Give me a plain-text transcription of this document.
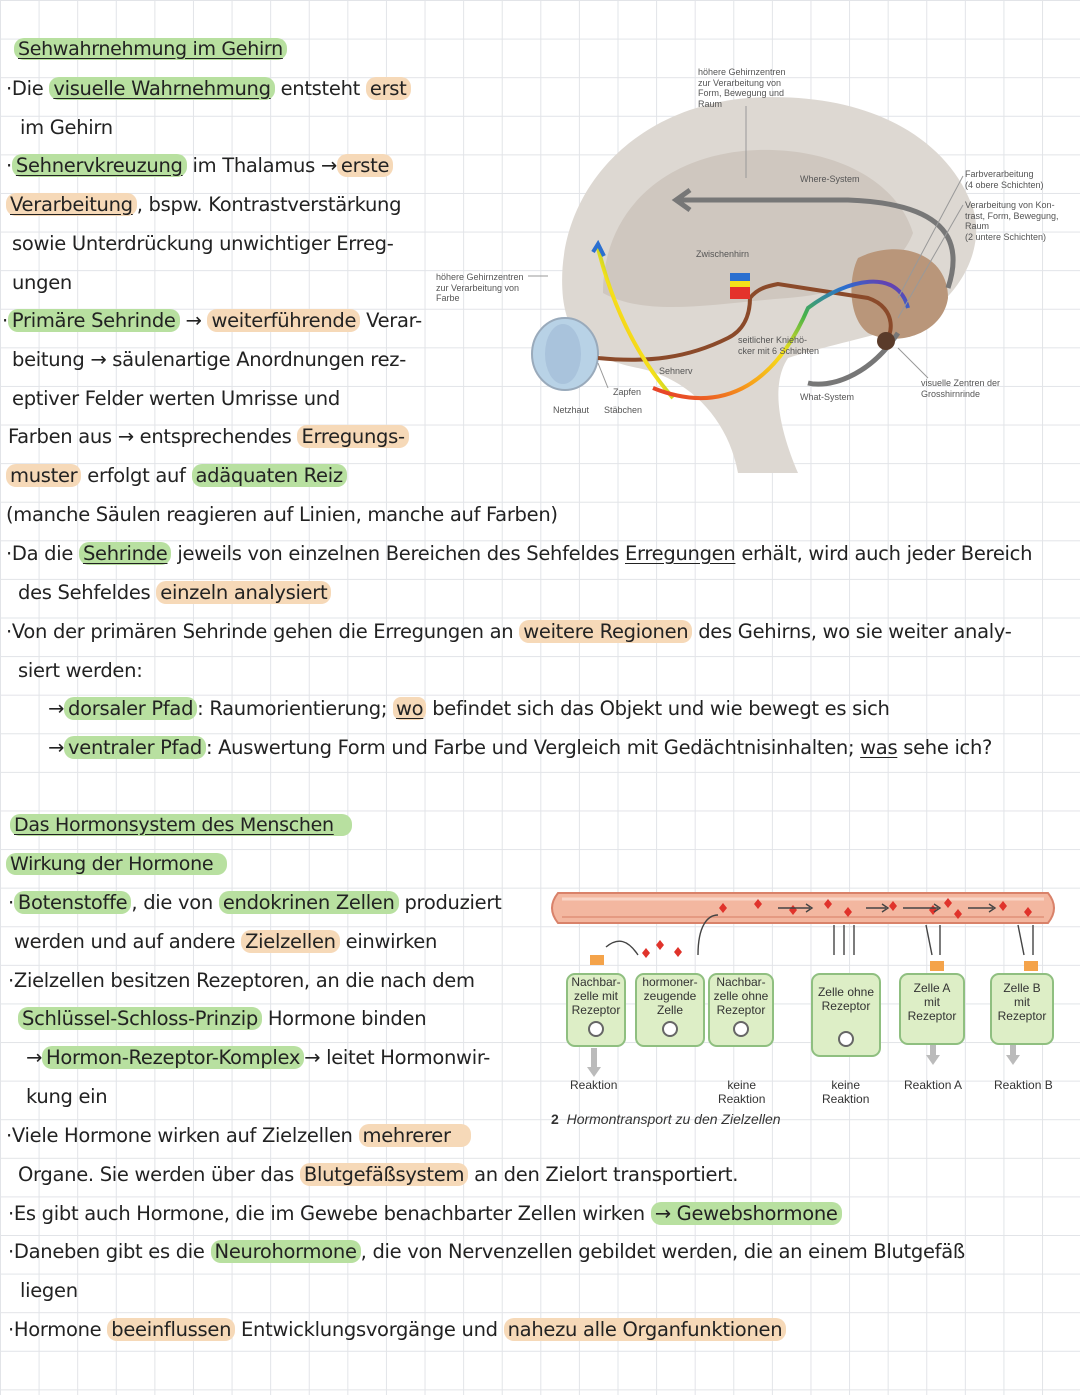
Sehwahrnehmung im Gehirn
·Die visuelle Wahrnehmung entsteht erst
im Gehirn
· Sehnervkreuzung im Thalamus → erste
Verarbeitung , bspw. Kontrastverstärkung
sowie Unterdrückung unwichtiger Erreg-
ungen
· Primäre Sehrinde → weiterführende Verar-
beitung → säulenartige Anordnungen rez-
eptiver Felder werten Umrisse und
Farben aus → entsprechendes Erregungs-
muster erfolgt auf adäquaten Reiz
(manche Säulen reagieren auf Linien, manche auf Farben)
·Da die Sehrinde jeweils von einzelnen Bereichen des Sehfeldes Erregungen erhält, wird auch jeder Bereich
des Sehfeldes einzeln analysiert
·Von der primären Sehrinde gehen die Erregungen an weitere Regionen des Gehirns, wo sie weiter analy-
siert werden:
→ dorsaler Pfad : Raumorientierung; wo befindet sich das Objekt und wie bewegt es sich
→ ventraler Pfad : Auswertung Form und Farbe und Vergleich mit Gedächtnisinhalten; was sehe ich?
höhere Gehirnzentren
zur Verarbeitung von
Form, Bewegung und
Raum
höhere Gehirnzentren
zur Verarbeitung von
Farbe
Farbverarbeitung
(4 obere Schichten)
Verarbeitung von Kon-
trast, Form, Bewegung,
Raum
(2 untere Schichten)
visuelle Zentren der
Grosshirnrinde
Where-System
What-System
Zwischenhirn
seitlicher Kniehö-
cker mit 6 Schichten
Sehnerv
Zapfen
Netzhaut Stäbchen
Das Hormonsystem des Menschen
Wirkung der Hormone
· Botenstoffe , die von endokrinen Zellen produziert
werden und auf andere Zielzellen einwirken
·Zielzellen besitzen Rezeptoren, an die nach dem
Schlüssel-Schloss-Prinzip Hormone binden
→ Hormon-Rezeptor-Komplex → leitet Hormonwir-
kung ein
·Viele Hormone wirken auf Zielzellen mehrerer
Organe. Sie werden über das Blutgefäßsystem an den Zielort transportiert.
·Es gibt auch Hormone, die im Gewebe benachbarter Zellen wirken → Gewebshormone
·Daneben gibt es die Neurohormone , die von Nervenzellen gebildet werden, die an einem Blutgefäß
liegen
·Hormone beeinflussen Entwicklungsvorgänge und nahezu alle Organfunktionen
Nachbar-
zelle mit
Rezeptor
hormoner-
zeugende
Zelle
Nachbar-
zelle ohne
Rezeptor
Zelle ohne
Rezeptor
Zelle A
mit
Rezeptor
Zelle B
mit
Rezeptor
Reaktion	keine
Reaktion
keine
Reaktion
Reaktion A	Reaktion B
2 Hormontransport zu den Zielzellen
